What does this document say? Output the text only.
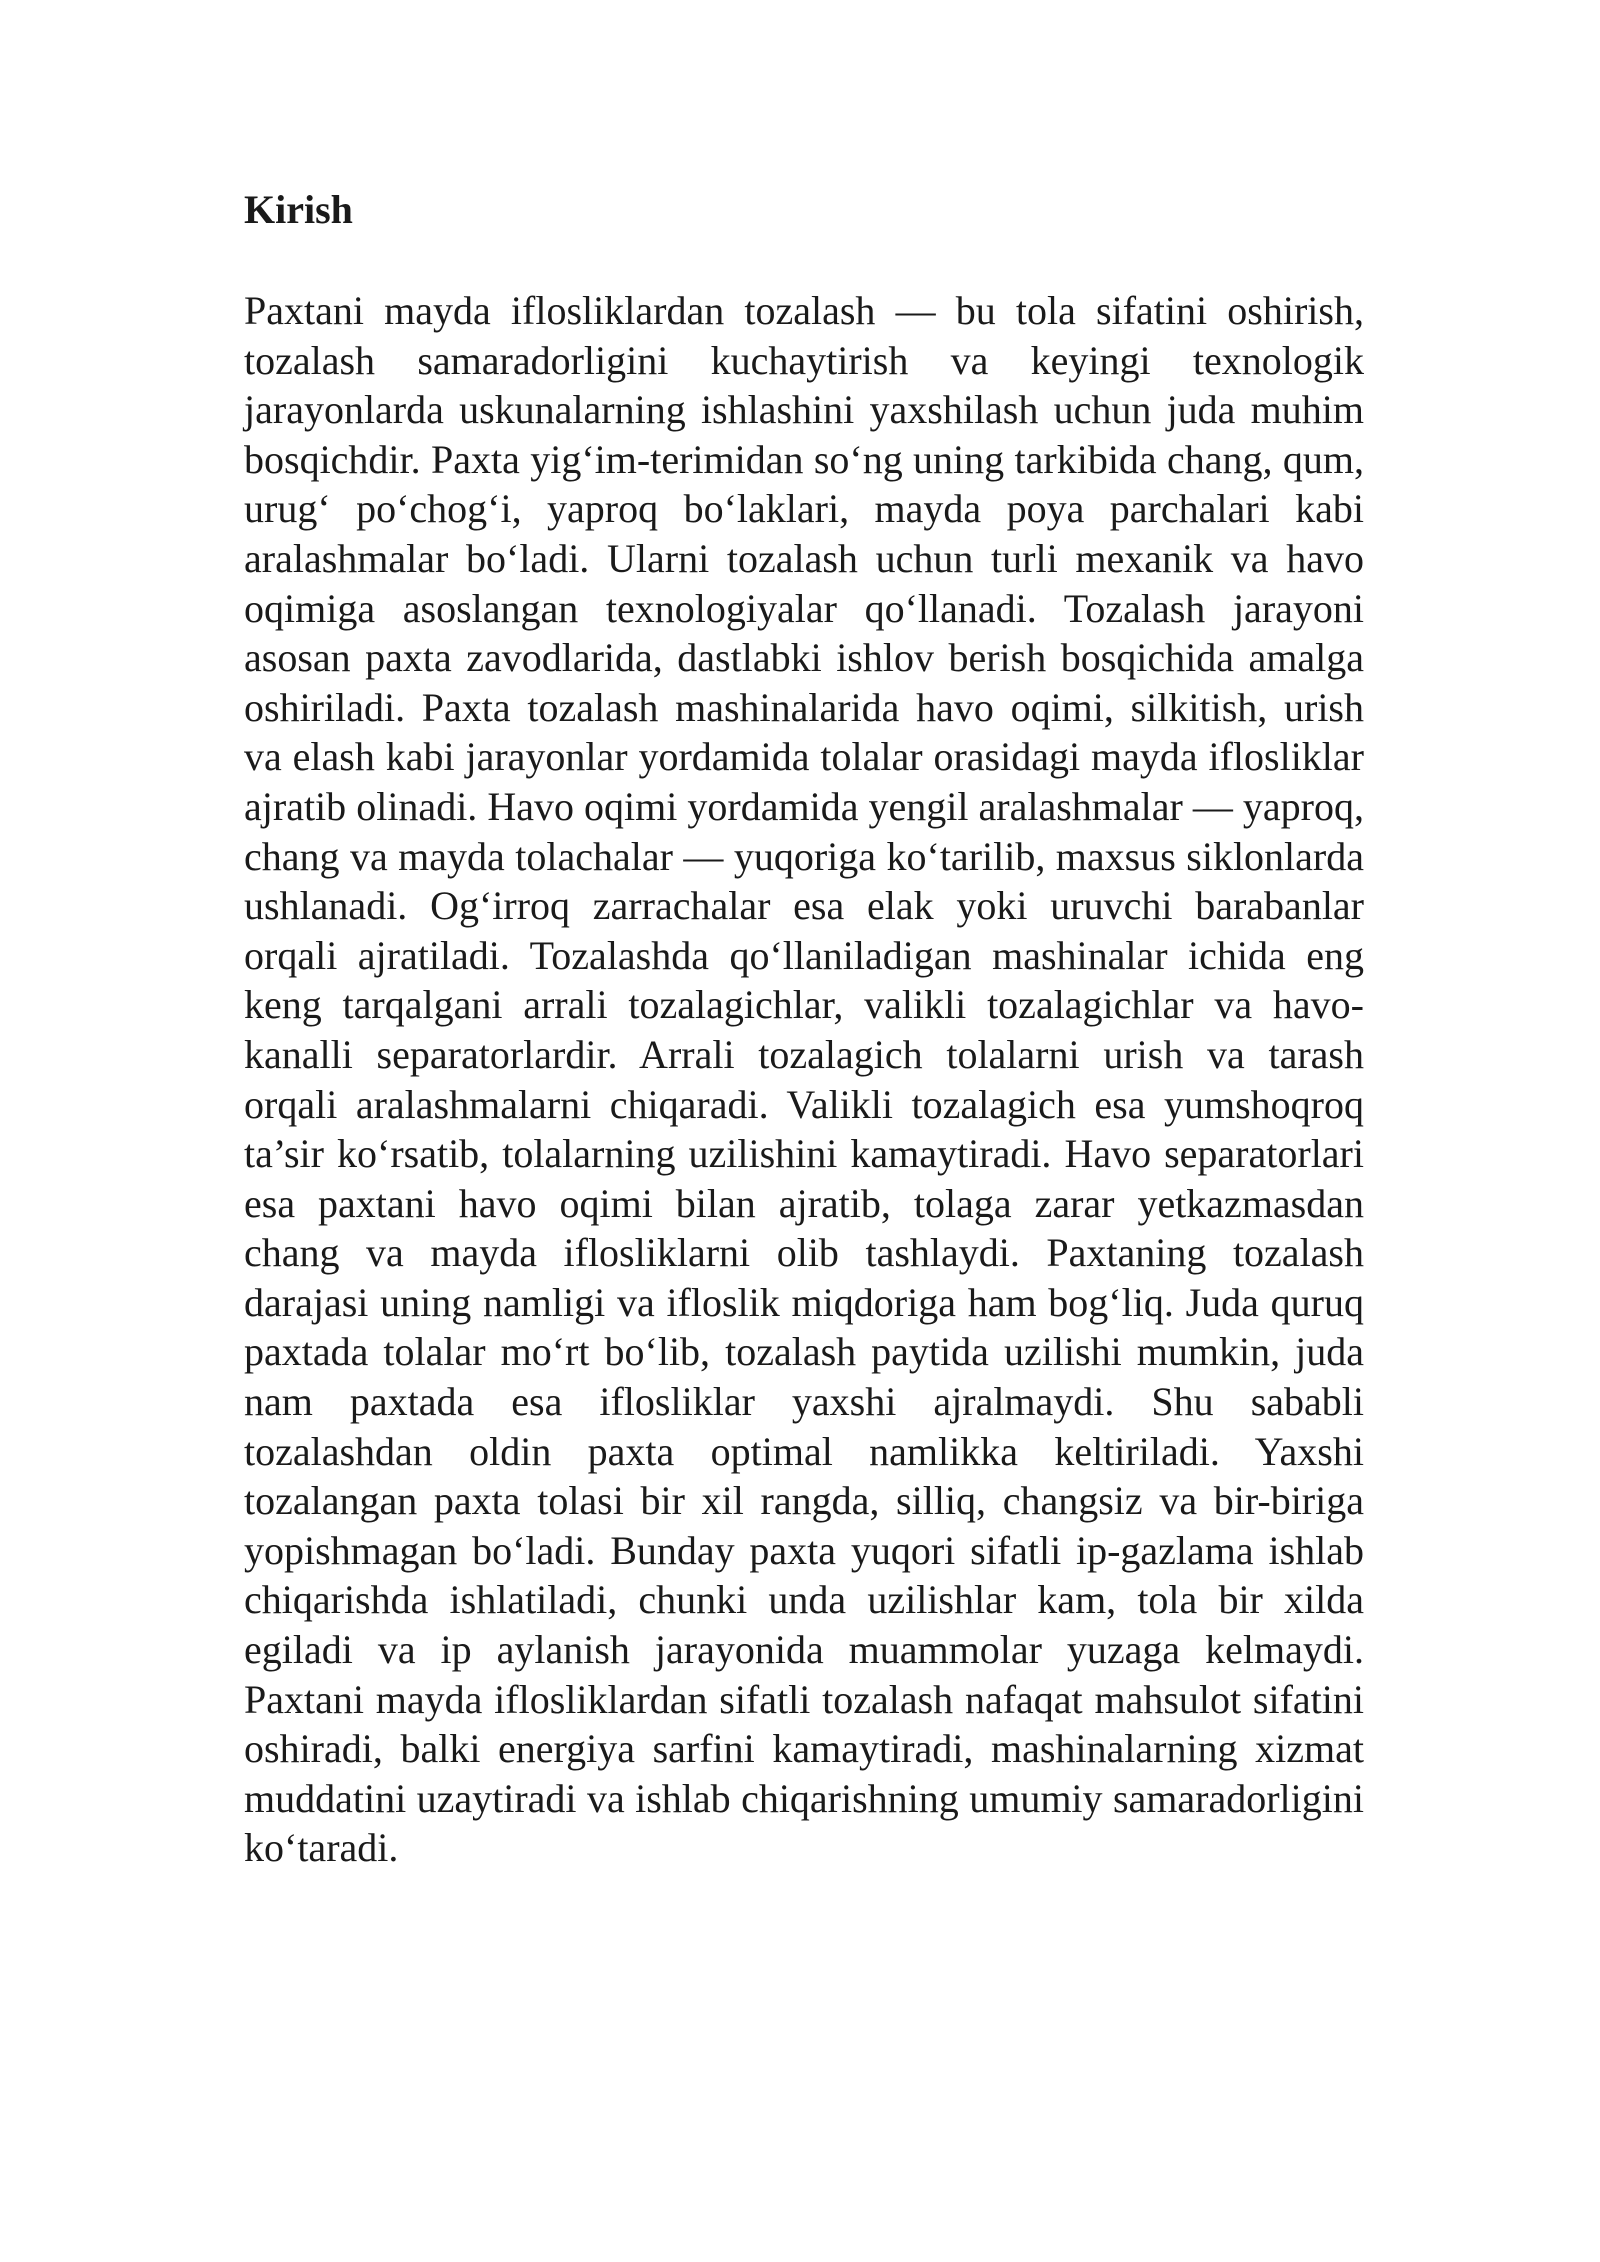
Kirish

Paxtani mayda iflosliklardan tozalash — bu tola sifatini oshirish, tozalash samaradorligini kuchaytirish va keyingi texnologik jarayonlarda uskunalarning ishlashini yaxshilash uchun juda muhim bosqichdir. Paxta yig‘im-terimidan so‘ng uning tarkibida chang, qum, urug‘ po‘chog‘i, yaproq bo‘laklari, mayda poya parchalari kabi aralashmalar bo‘ladi. Ularni tozalash uchun turli mexanik va havo oqimiga asoslangan texnologiyalar qo‘llanadi. Tozalash jarayoni asosan paxta zavodlarida, dastlabki ishlov berish bosqichida amalga oshiriladi. Paxta tozalash mashinalarida havo oqimi, silkitish, urish va elash kabi jarayonlar yordamida tolalar orasidagi mayda iflosliklar ajratib olinadi. Havo oqimi yordamida yengil aralashmalar — yaproq, chang va mayda tolachalar — yuqoriga ko‘tarilib, maxsus siklonlarda ushlanadi. Og‘irroq zarrachalar esa elak yoki uruvchi barabanlar orqali ajratiladi. Tozalashda qo‘llaniladigan mashinalar ichida eng keng tarqalgani arrali tozalagichlar, valikli tozalagichlar va havo-kanalli separatorlardir. Arrali tozalagich tolalarni urish va tarash orqali aralashmalarni chiqaradi. Valikli tozalagich esa yumshoqroq ta’sir ko‘rsatib, tolalarning uzilishini kamaytiradi. Havo separatorlari esa paxtani havo oqimi bilan ajratib, tolaga zarar yetkazmasdan chang va mayda iflosliklarni olib tashlaydi. Paxtaning tozalash darajasi uning namligi va ifloslik miqdoriga ham bog‘liq. Juda quruq paxtada tolalar mo‘rt bo‘lib, tozalash paytida uzilishi mumkin, juda nam paxtada esa iflosliklar yaxshi ajralmaydi. Shu sababli tozalashdan oldin paxta optimal namlikka keltiriladi. Yaxshi tozalangan paxta tolasi bir xil rangda, silliq, changsiz va bir-biriga yopishmagan bo‘ladi. Bunday paxta yuqori sifatli ip-gazlama ishlab chiqarishda ishlatiladi, chunki unda uzilishlar kam, tola bir xilda egiladi va ip aylanish jarayonida muammolar yuzaga kelmaydi. Paxtani mayda iflosliklardan sifatli tozalash nafaqat mahsulot sifatini oshiradi, balki energiya sarfini kamaytiradi, mashinalarning xizmat muddatini uzaytiradi va ishlab chiqarishning umumiy samaradorligini ko‘taradi.
